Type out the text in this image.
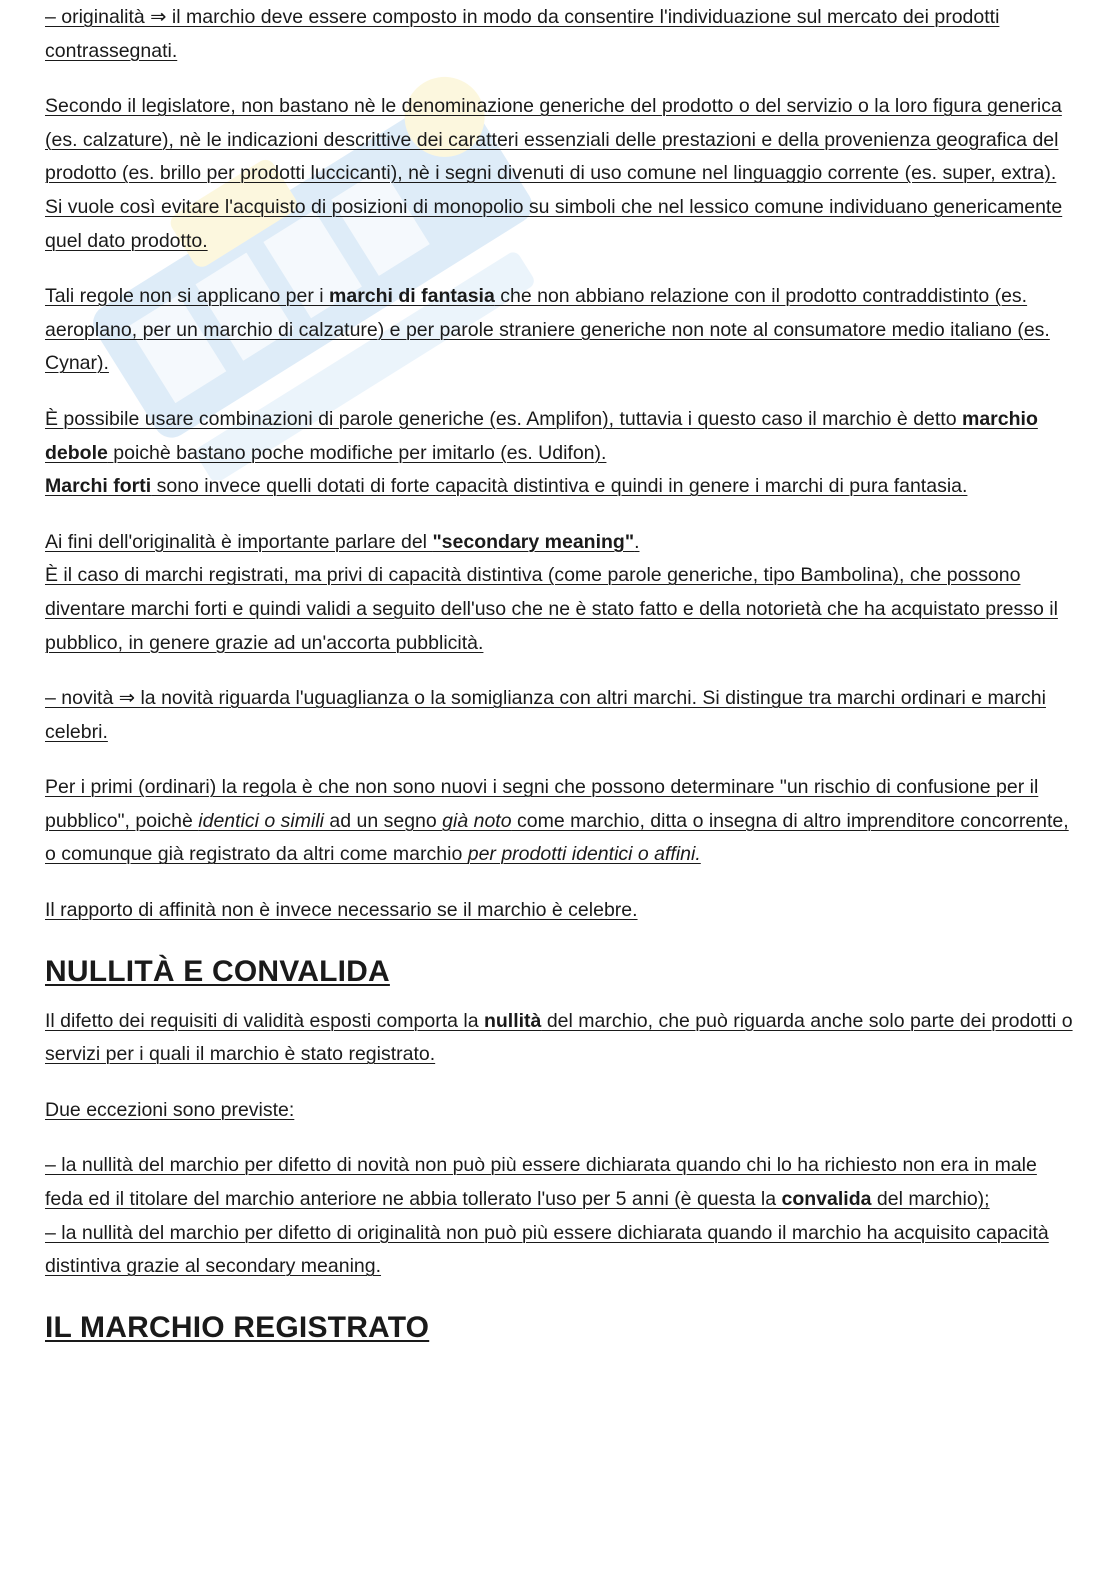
– originalità ⇒ il marchio deve essere composto in modo da consentire l'individuazione sul mercato dei prodotti contrassegnati.

Secondo il legislatore, non bastano nè le denominazione generiche del prodotto o del servizio o la loro figura generica (es. calzature), nè le indicazioni descrittive dei caratteri essenziali delle prestazioni e della provenienza geografica del prodotto (es. brillo per prodotti luccicanti), nè i segni divenuti di uso comune nel linguaggio corrente (es. super, extra).
Si vuole così evitare l'acquisto di posizioni di monopolio su simboli che nel lessico comune individuano genericamente quel dato prodotto.

Tali regole non si applicano per i marchi di fantasia che non abbiano relazione con il prodotto contraddistinto (es. aeroplano, per un marchio di calzature) e per parole straniere generiche non note al consumatore medio italiano (es. Cynar).

È possibile usare combinazioni di parole generiche (es. Amplifon), tuttavia i questo caso il marchio è detto marchio debole poichè bastano poche modifiche per imitarlo (es. Udifon).
Marchi forti sono invece quelli dotati di forte capacità distintiva e quindi in genere i marchi di pura fantasia.

Ai fini dell'originalità è importante parlare del "secondary meaning".
È il caso di marchi registrati, ma privi di capacità distintiva (come parole generiche, tipo Bambolina), che possono diventare marchi forti e quindi validi a seguito dell'uso che ne è stato fatto e della notorietà che ha acquistato presso il pubblico, in genere grazie ad un'accorta pubblicità.

– novità ⇒ la novità riguarda l'uguaglianza o la somiglianza con altri marchi. Si distingue tra marchi ordinari e marchi celebri.

Per i primi (ordinari) la regola è che non sono nuovi i segni che possono determinare "un rischio di confusione per il pubblico", poichè identici o simili ad un segno già noto come marchio, ditta o insegna di altro imprenditore concorrente, o comunque già registrato da altri come marchio per prodotti identici o affini.

Il rapporto di affinità non è invece necessario se il marchio è celebre.

NULLITÀ E CONVALIDA

Il difetto dei requisiti di validità esposti comporta la nullità del marchio, che può riguarda anche solo parte dei prodotti o servizi per i quali il marchio è stato registrato.

Due eccezioni sono previste:

– la nullità del marchio per difetto di novità non può più essere dichiarata quando chi lo ha richiesto non era in male feda ed il titolare del marchio anteriore ne abbia tollerato l'uso per 5 anni (è questa la convalida del marchio);
– la nullità del marchio per difetto di originalità non può più essere dichiarata quando il marchio ha acquisito capacità distintiva grazie al secondary meaning.

IL MARCHIO REGISTRATO
